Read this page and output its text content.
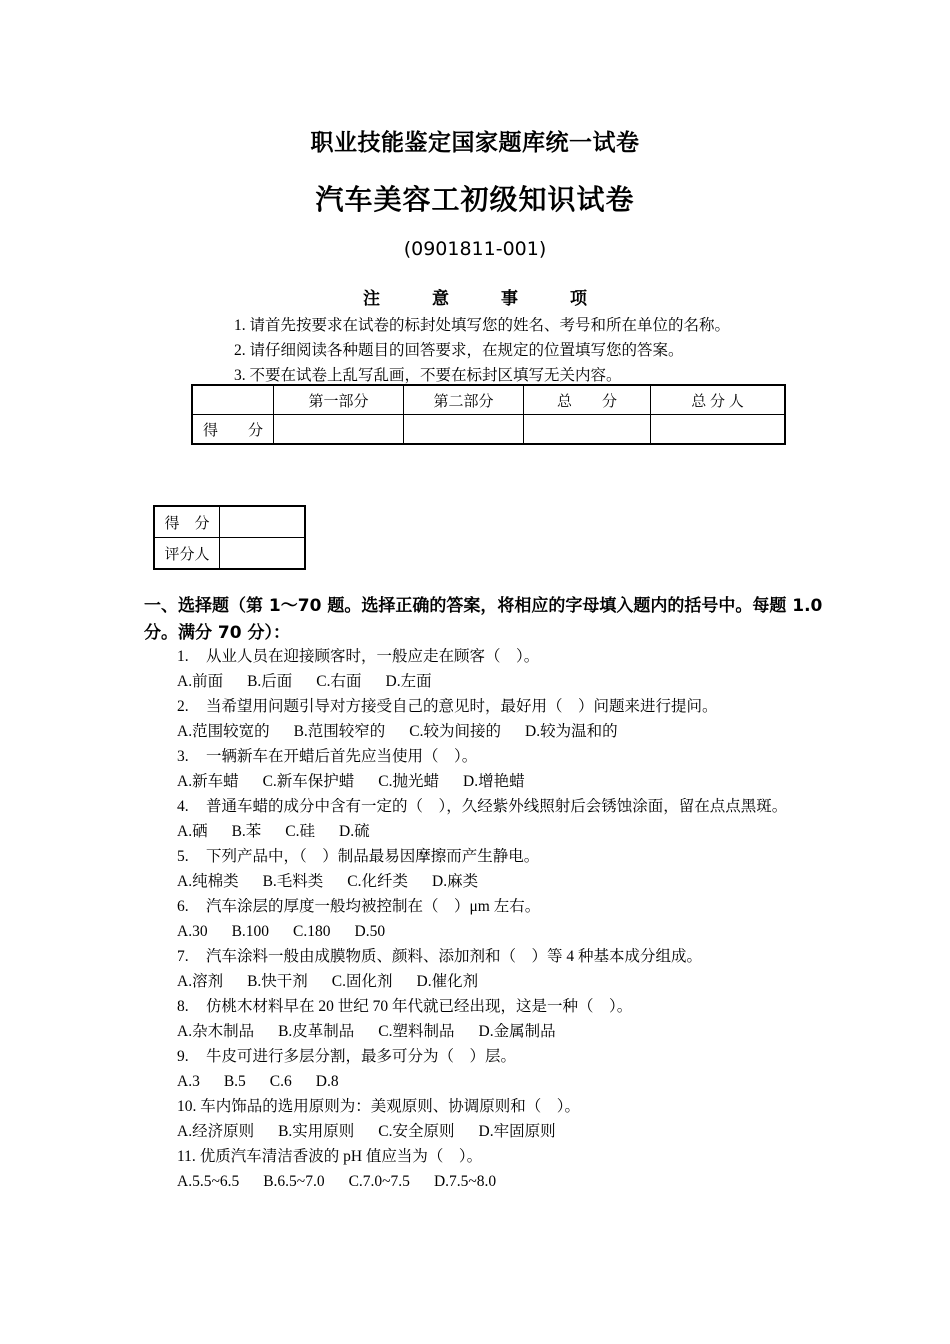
职业技能鉴定国家题库统一试卷
汽车美容工初级知识试卷
(0901811-001)
注	意	事	项
1. 请首先按要求在试卷的标封处填写您的姓名、考号和所在单位的名称。
2. 请仔细阅读各种题目的回答要求，在规定的位置填写您的答案。
3. 不要在试卷上乱写乱画，不要在标封区填写无关内容。
	第一部分	第二部分	总　　分	总 分 人
得　　分				
得　分	
评分人	
一、选择题（第 1～70 题。选择正确的答案，将相应的字母填入题内的括号中。每题 1.0 分。满分 70 分）：
1. 从业人员在迎接顾客时，一般应走在顾客（　）。
A.前面 B.后面 C.右面 D.左面
2. 当希望用问题引导对方接受自己的意见时，最好用（　）问题来进行提问。
A.范围较宽的 B.范围较窄的 C.较为间接的 D.较为温和的
3. 一辆新车在开蜡后首先应当使用（　）。
A.新车蜡 C.新车保护蜡 C.抛光蜡 D.增艳蜡
4. 普通车蜡的成分中含有一定的（　），久经紫外线照射后会锈蚀涂面，留在点点黑斑。
A.硒 B.苯 C.硅 D.硫
5. 下列产品中，（　）制品最易因摩擦而产生静电。
A.纯棉类 B.毛料类 C.化纤类 D.麻类
6. 汽车涂层的厚度一般均被控制在（　）μm 左右。
A.30 B.100 C.180 D.50
7. 汽车涂料一般由成膜物质、颜料、添加剂和（　）等 4 种基本成分组成。
A.溶剂 B.快干剂 C.固化剂 D.催化剂
8. 仿桃木材料早在 20 世纪 70 年代就已经出现，这是一种（　）。
A.杂木制品 B.皮革制品 C.塑料制品 D.金属制品
9. 牛皮可进行多层分割，最多可分为（　）层。
A.3 B.5 C.6 D.8
10. 车内饰品的选用原则为：美观原则、协调原则和（　）。
A.经济原则 B.实用原则 C.安全原则 D.牢固原则
11. 优质汽车清洁香波的 pH 值应当为（　）。
A.5.5~6.5 B.6.5~7.0 C.7.0~7.5 D.7.5~8.0
